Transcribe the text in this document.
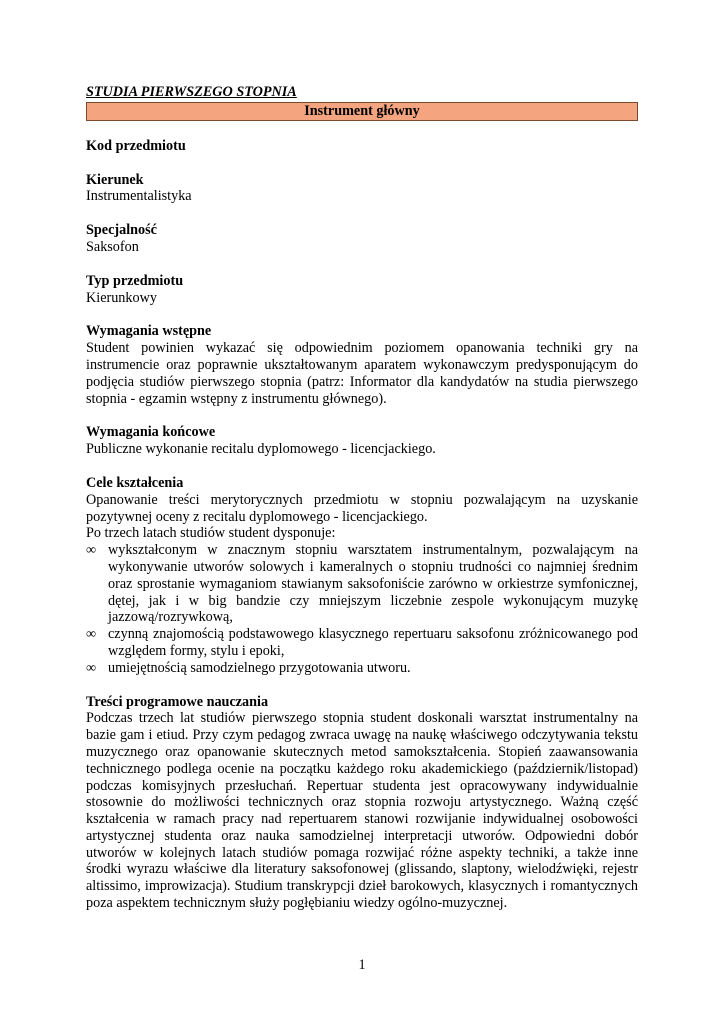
STUDIA PIERWSZEGO STOPNIA
Instrument główny
Kod przedmiotu
Kierunek
Instrumentalistyka
Specjalność
Saksofon
Typ przedmiotu
Kierunkowy
Wymagania wstępne
Student powinien wykazać się odpowiednim poziomem opanowania techniki gry na instrumencie oraz poprawnie ukształtowanym aparatem wykonawczym predysponującym do podjęcia studiów pierwszego stopnia (patrz: Informator dla kandydatów na studia pierwszego stopnia - egzamin wstępny z instrumentu głównego).
Wymagania końcowe
Publiczne wykonanie recitalu dyplomowego - licencjackiego.
Cele kształcenia
Opanowanie treści merytorycznych przedmiotu w stopniu pozwalającym na uzyskanie pozytywnej oceny z recitalu dyplomowego - licencjackiego.
Po trzech latach studiów student dysponuje:
∞ wykształconym w znacznym stopniu warsztatem instrumentalnym, pozwalającym na wykonywanie utworów solowych i kameralnych o stopniu trudności co najmniej średnim oraz sprostanie wymaganiom stawianym saksofoniście zarówno w orkiestrze symfonicznej, dętej, jak i w big bandzie czy mniejszym liczebnie zespole wykonującym muzykę jazzową/rozrywkową,
∞ czynną znajomością podstawowego klasycznego repertuaru saksofonu zróżnicowanego pod względem formy, stylu i epoki,
∞ umiejętnością samodzielnego przygotowania utworu.
Treści programowe nauczania
Podczas trzech lat studiów pierwszego stopnia student doskonali warsztat instrumentalny na bazie gam i etiud. Przy czym pedagog zwraca uwagę na naukę właściwego odczytywania tekstu muzycznego oraz opanowanie skutecznych metod samokształcenia. Stopień zaawansowania technicznego podlega ocenie na początku każdego roku akademickiego (październik/listopad) podczas komisyjnych przesłuchań. Repertuar studenta jest opracowywany indywidualnie stosownie do możliwości technicznych oraz stopnia rozwoju artystycznego. Ważną część kształcenia w ramach pracy nad repertuarem stanowi rozwijanie indywidualnej osobowości artystycznej studenta oraz nauka samodzielnej interpretacji utworów. Odpowiedni dobór utworów w kolejnych latach studiów pomaga rozwijać różne aspekty techniki, a także inne środki wyrazu właściwe dla literatury saksofonowej (glissando, slaptony, wielodźwięki, rejestr altissimo, improwizacja). Studium transkrypcji dzieł barokowych, klasycznych i romantycznych poza aspektem technicznym służy pogłębianiu wiedzy ogólno-muzycznej.
1
